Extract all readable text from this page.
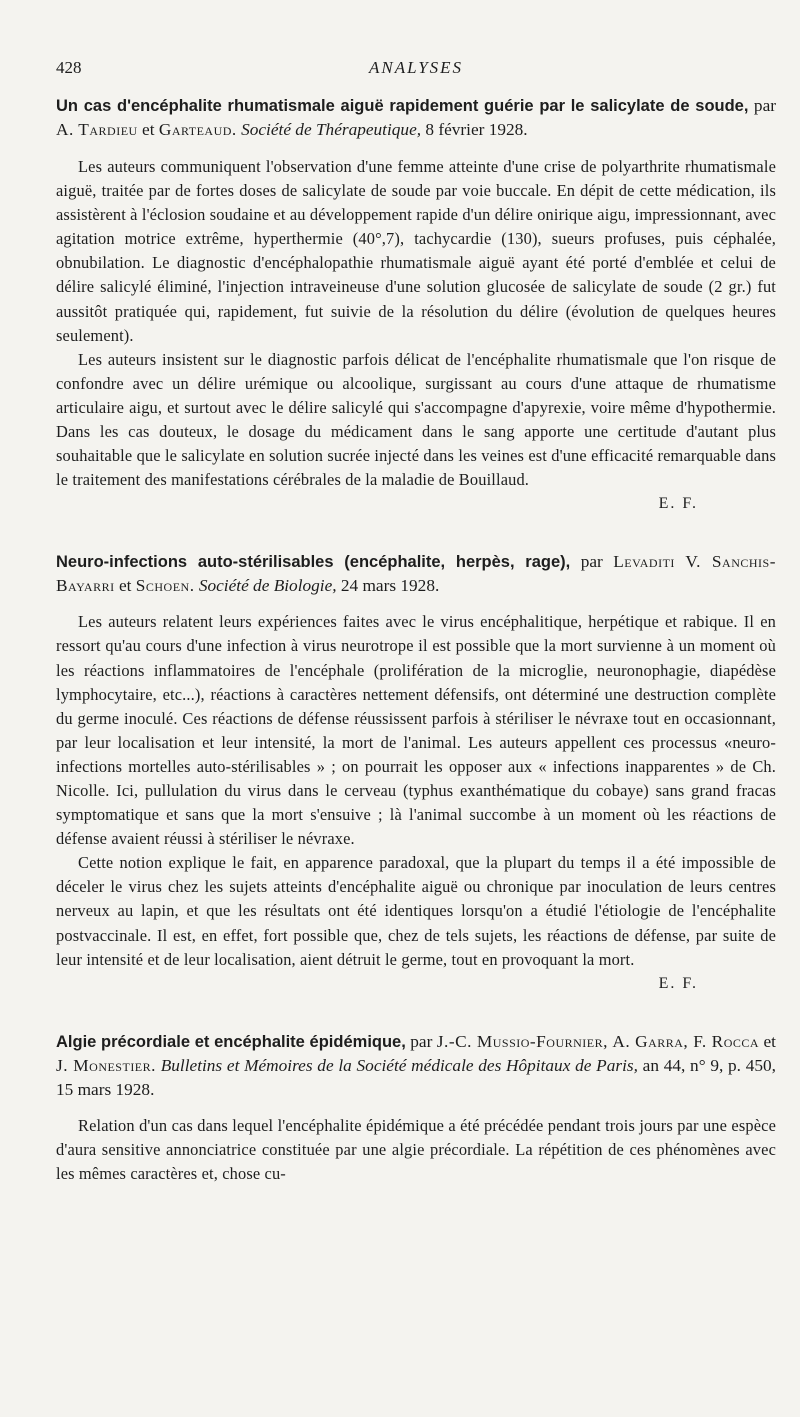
428	ANALYSES
Un cas d'encéphalite rhumatismale aiguë rapidement guérie par le salicylate de soude, par A. Tardieu et Garteaud. Société de Thérapeutique, 8 février 1928.

Les auteurs communiquent l'observation d'une femme atteinte d'une crise de polyarthrite rhumatismale aiguë, traitée par de fortes doses de salicylate de soude par voie buccale. En dépit de cette médication, ils assistèrent à l'éclosion soudaine et au développement rapide d'un délire onirique aigu, impressionnant, avec agitation motrice extrême, hyperthermie (40°,7), tachycardie (130), sueurs profuses, puis céphalée, obnubilation. Le diagnostic d'encéphalopathie rhumatismale aiguë ayant été porté d'emblée et celui de délire salicylé éliminé, l'injection intraveineuse d'une solution glucosée de salicylate de soude (2 gr.) fut aussitôt pratiquée qui, rapidement, fut suivie de la résolution du délire (évolution de quelques heures seulement).

Les auteurs insistent sur le diagnostic parfois délicat de l'encéphalite rhumatismale que l'on risque de confondre avec un délire urémique ou alcoolique, surgissant au cours d'une attaque de rhumatisme articulaire aigu, et surtout avec le délire salicylé qui s'accompagne d'apyrexie, voire même d'hypothermie. Dans les cas douteux, le dosage du médicament dans le sang apporte une certitude d'autant plus souhaitable que le salicylate en solution sucrée injecté dans les veines est d'une efficacité remarquable dans le traitement des manifestations cérébrales de la maladie de Bouillaud.

E. F.
Neuro-infections auto-stérilisables (encéphalite, herpès, rage), par Levaditi V. Sanchis-Bayarri et Schoen. Société de Biologie, 24 mars 1928.

Les auteurs relatent leurs expériences faites avec le virus encéphalitique, herpétique et rabique. Il en ressort qu'au cours d'une infection à virus neurotrope il est possible que la mort survienne à un moment où les réactions inflammatoires de l'encéphale (prolifération de la microglie, neuronophagie, diapédèse lymphocytaire, etc...), réactions à caractères nettement défensifs, ont déterminé une destruction complète du germe inoculé. Ces réactions de défense réussissent parfois à stériliser le névraxe tout en occasionnant, par leur localisation et leur intensité, la mort de l'animal. Les auteurs appellent ces processus «neuro-infections mortelles auto-stérilisables » ; on pourrait les opposer aux « infections inapparentes » de Ch. Nicolle. Ici, pullulation du virus dans le cerveau (typhus exanthématique du cobaye) sans grand fracas symptomatique et sans que la mort s'ensuive ; là l'animal succombe à un moment où les réactions de défense avaient réussi à stériliser le névraxe.

Cette notion explique le fait, en apparence paradoxal, que la plupart du temps il a été impossible de déceler le virus chez les sujets atteints d'encéphalite aiguë ou chronique par inoculation de leurs centres nerveux au lapin, et que les résultats ont été identiques lorsqu'on a étudié l'étiologie de l'encéphalite postvaccinale. Il est, en effet, fort possible que, chez de tels sujets, les réactions de défense, par suite de leur intensité et de leur localisation, aient détruit le germe, tout en provoquant la mort.

E. F.
Algie précordiale et encéphalite épidémique, par J.-C. Mussio-Fournier, A. Garra, F. Rocca et J. Monestier. Bulletins et Mémoires de la Société médicale des Hôpitaux de Paris, an 44, n° 9, p. 450, 15 mars 1928.

Relation d'un cas dans lequel l'encéphalite épidémique a été précédée pendant trois jours par une espèce d'aura sensitive annonciatrice constituée par une algie précordiale. La répétition de ces phénomènes avec les mêmes caractères et, chose cu-
